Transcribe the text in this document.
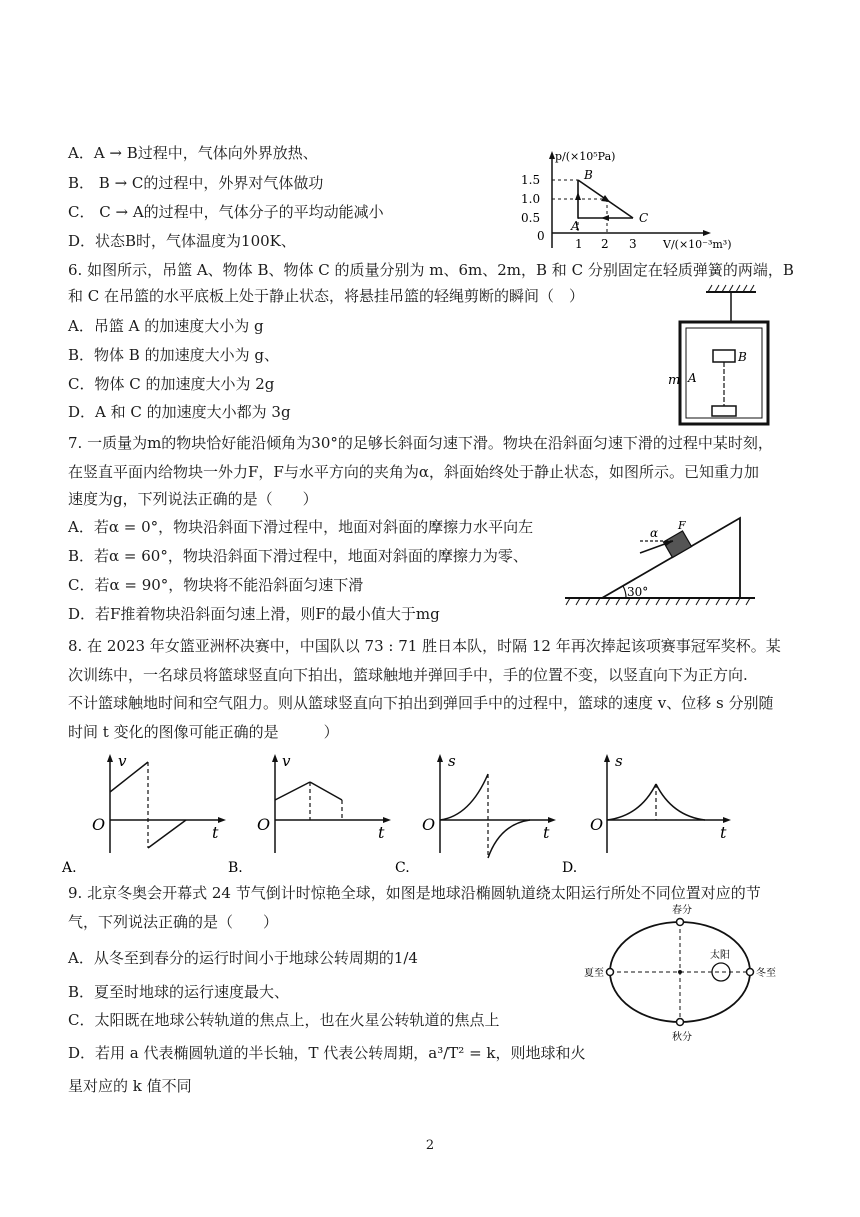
A．A → B过程中，气体向外界放热、
B． B → C的过程中，外界对气体做功
C． C → A的过程中，气体分子的平均动能减小
D．状态B时，气体温度为100K、
p/(×10⁵Pa)
V/(×10⁻³m³)
1.5
1.0
0.5
0
1 2 3
A
B
C
6. 如图所示，吊篮 A、物体 B、物体 C 的质量分别为 m、6m、2m，B 和 C 分别固定在轻质弹簧的两端，B
和 C 在吊篮的水平底板上处于静止状态，将悬挂吊篮的轻绳剪断的瞬间（　）
A．吊篮 A 的加速度大小为 g
B．物体 B 的加速度大小为 g、
C．物体 C 的加速度大小为 2g
D．A 和 C 的加速度大小都为 3g
B
A
m
7. 一质量为m的物块恰好能沿倾角为30°的足够长斜面匀速下滑。物块在沿斜面匀速下滑的过程中某时刻，
在竖直平面内给物块一外力F，F与水平方向的夹角为α，斜面始终处于静止状态，如图所示。已知重力加
速度为g，下列说法正确的是（　　）
A．若α = 0°，物块沿斜面下滑过程中，地面对斜面的摩擦力水平向左
B．若α = 60°，物块沿斜面下滑过程中，地面对斜面的摩擦力为零、
C．若α = 90°，物块将不能沿斜面匀速下滑
D．若F推着物块沿斜面匀速上滑，则F的最小值大于mg
30°
α
F
8. 在 2023 年女篮亚洲杯决赛中，中国队以 73 : 71 胜日本队，时隔 12 年再次捧起该项赛事冠军奖杯。某
次训练中，一名球员将篮球竖直向下拍出，篮球触地并弹回手中，手的位置不变，以竖直向下为正方向.
不计篮球触地时间和空气阻力。则从篮球竖直向下拍出到弹回手中的过程中，篮球的速度 v、位移 s 分别随
时间 t 变化的图像可能正确的是　　　）
v
O	t
A.
v
O	t
B.
s
O	t
C.
s
O	t
D.
9. 北京冬奥会开幕式 24 节气倒计时惊艳全球，如图是地球沿椭圆轨道绕太阳运行所处不同位置对应的节
气，下列说法正确的是（　　）
A．从冬至到春分的运行时间小于地球公转周期的1/4
B．夏至时地球的运行速度最大、
C．太阳既在地球公转轨道的焦点上，也在火星公转轨道的焦点上
D．若用 a 代表椭圆轨道的半长轴，T 代表公转周期，a³/T² = k，则地球和火
星对应的 k 值不同
春分
秋分
夏至	冬至
太阳
2
